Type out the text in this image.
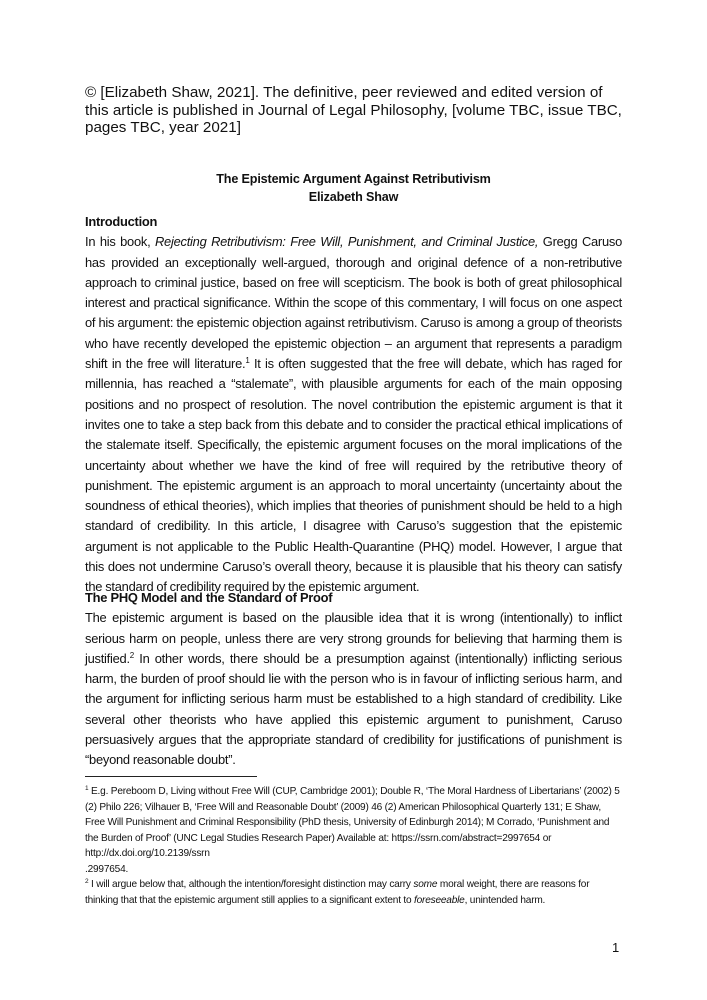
© [Elizabeth Shaw, 2021]. The definitive, peer reviewed and edited version of this article is published in Journal of Legal Philosophy, [volume TBC, issue TBC, pages TBC, year 2021]
The Epistemic Argument Against Retributivism
Elizabeth Shaw
Introduction

In his book, Rejecting Retributivism: Free Will, Punishment, and Criminal Justice, Gregg Caruso has provided an exceptionally well-argued, thorough and original defence of a non-retributive approach to criminal justice, based on free will scepticism. The book is both of great philosophical interest and practical significance. Within the scope of this commentary, I will focus on one aspect of his argument: the epistemic objection against retributivism. Caruso is among a group of theorists who have recently developed the epistemic objection – an argument that represents a paradigm shift in the free will literature.$^1$ It is often suggested that the free will debate, which has raged for millennia, has reached a “stalemate”, with plausible arguments for each of the main opposing positions and no prospect of resolution. The novel contribution the epistemic argument is that it invites one to take a step back from this debate and to consider the practical ethical implications of the stalemate itself. Specifically, the epistemic argument focuses on the moral implications of the uncertainty about whether we have the kind of free will required by the retributive theory of punishment. The epistemic argument is an approach to moral uncertainty (uncertainty about the soundness of ethical theories), which implies that theories of punishment should be held to a high standard of credibility. In this article, I disagree with Caruso’s suggestion that the epistemic argument is not applicable to the Public Health-Quarantine (PHQ) model. However, I argue that this does not undermine Caruso’s overall theory, because it is plausible that his theory can satisfy the standard of credibility required by the epistemic argument.

The PHQ Model and the Standard of Proof

The epistemic argument is based on the plausible idea that it is wrong (intentionally) to inflict serious harm on people, unless there are very strong grounds for believing that harming them is justified.$^2$ In other words, there should be a presumption against (intentionally) inflicting serious harm, the burden of proof should lie with the person who is in favour of inflicting serious harm, and the argument for inflicting serious harm must be established to a high standard of credibility. Like several other theorists who have applied this epistemic argument to punishment, Caruso persuasively argues that the appropriate standard of credibility for justifications of punishment is “beyond reasonable doubt”.

$^1$ E.g. Pereboom D, Living without Free Will (CUP, Cambridge 2001); Double R, ‘The Moral Hardness of Libertarians’ (2002) 5 (2) Philo 226; Vilhauer B, ‘Free Will and Reasonable Doubt’ (2009) 46 (2) American Philosophical Quarterly 131; E Shaw, Free Will Punishment and Criminal Responsibility (PhD thesis, University of Edinburgh 2014); M Corrado, ‘Punishment and the Burden of Proof’ (UNC Legal Studies Research Paper) Available at: https://ssrn.com/abstract=2997654 or http://dx.doi.org/10.2139/ssrn
.2997654.

$^2$ I will argue below that, although the intention/foresight distinction may carry some moral weight, there are reasons for thinking that that the epistemic argument still applies to a significant extent to foreseeable, unintended harm.

1
